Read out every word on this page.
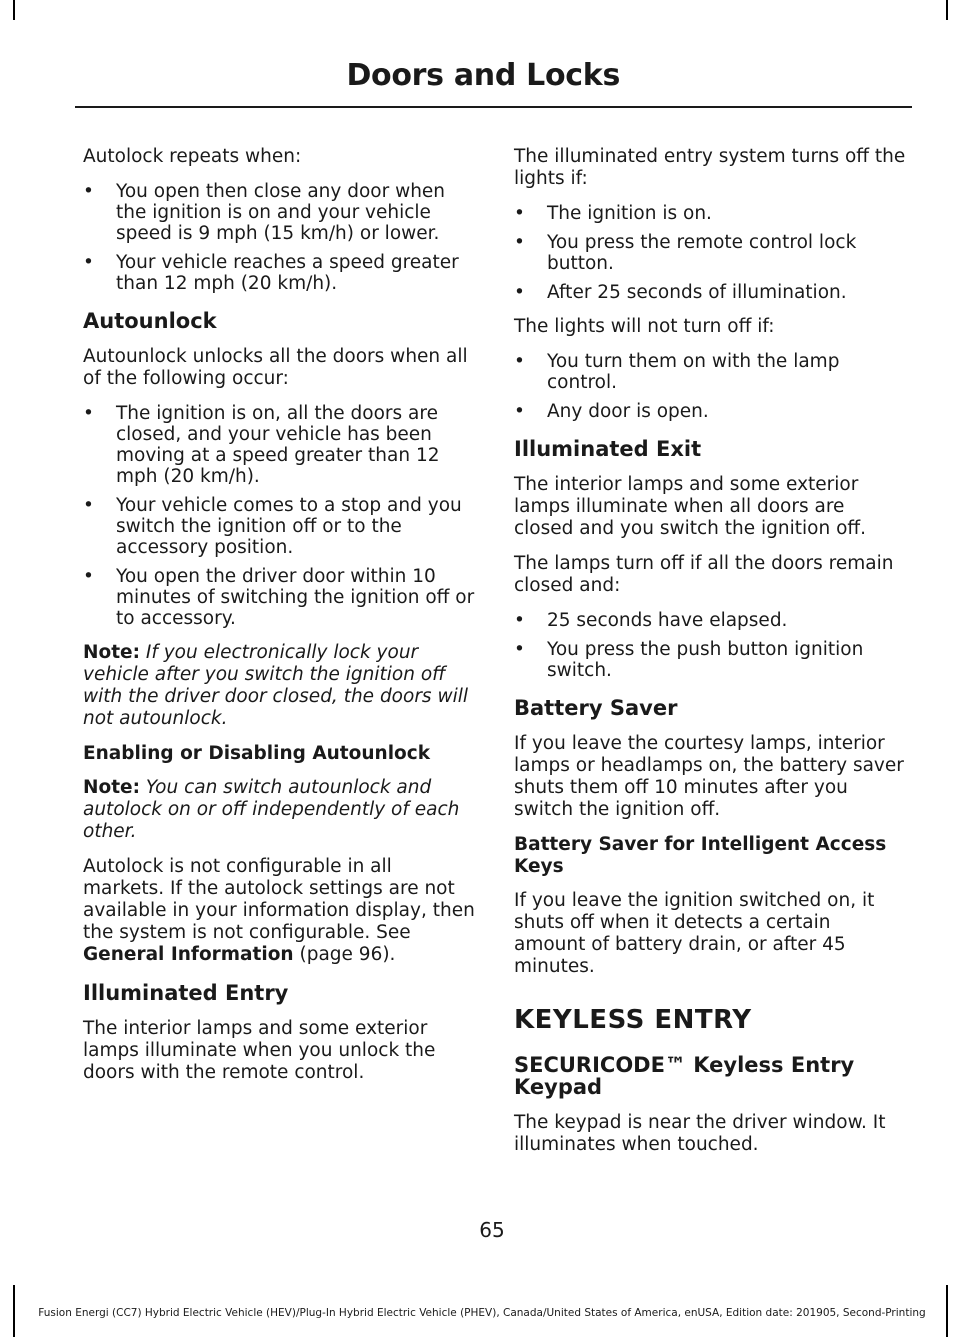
Doors and Locks

Autolock repeats when:

• You open then close any door when the ignition is on and your vehicle speed is 9 mph (15 km/h) or lower.
• Your vehicle reaches a speed greater than 12 mph (20 km/h).
Autounlock

Autounlock unlocks all the doors when all of the following occur:

• The ignition is on, all the doors are closed, and your vehicle has been moving at a speed greater than 12 mph (20 km/h).
• Your vehicle comes to a stop and you switch the ignition off or to the accessory position.
• You open the driver door within 10 minutes of switching the ignition off or to accessory.

Note: If you electronically lock your vehicle after you switch the ignition off with the driver door closed, the doors will not autounlock.

Enabling or Disabling Autounlock

Note: You can switch autounlock and autolock on or off independently of each other.

Autolock is not configurable in all markets. If the autolock settings are not available in your information display, then the system is not configurable. See General Information (page 96).

Illuminated Entry

The interior lamps and some exterior lamps illuminate when you unlock the doors with the remote control.

The illuminated entry system turns off the lights if:

• The ignition is on.
• You press the remote control lock button.
• After 25 seconds of illumination.

The lights will not turn off if:

• You turn them on with the lamp control.
• Any door is open.
Illuminated Exit

The interior lamps and some exterior lamps illuminate when all doors are closed and you switch the ignition off.

The lamps turn off if all the doors remain closed and:

• 25 seconds have elapsed.
• You press the push button ignition switch.
Battery Saver

If you leave the courtesy lamps, interior lamps or headlamps on, the battery saver shuts them off 10 minutes after you switch the ignition off.

Battery Saver for Intelligent Access Keys

If you leave the ignition switched on, it shuts off when it detects a certain amount of battery drain, or after 45 minutes.

KEYLESS ENTRY
SECURICODE™ Keyless Entry Keypad

The keypad is near the driver window. It illuminates when touched.

65
Fusion Energi (CC7) Hybrid Electric Vehicle (HEV)/Plug-In Hybrid Electric Vehicle (PHEV), Canada/United States of America, enUSA, Edition date: 201905, Second-Printing
